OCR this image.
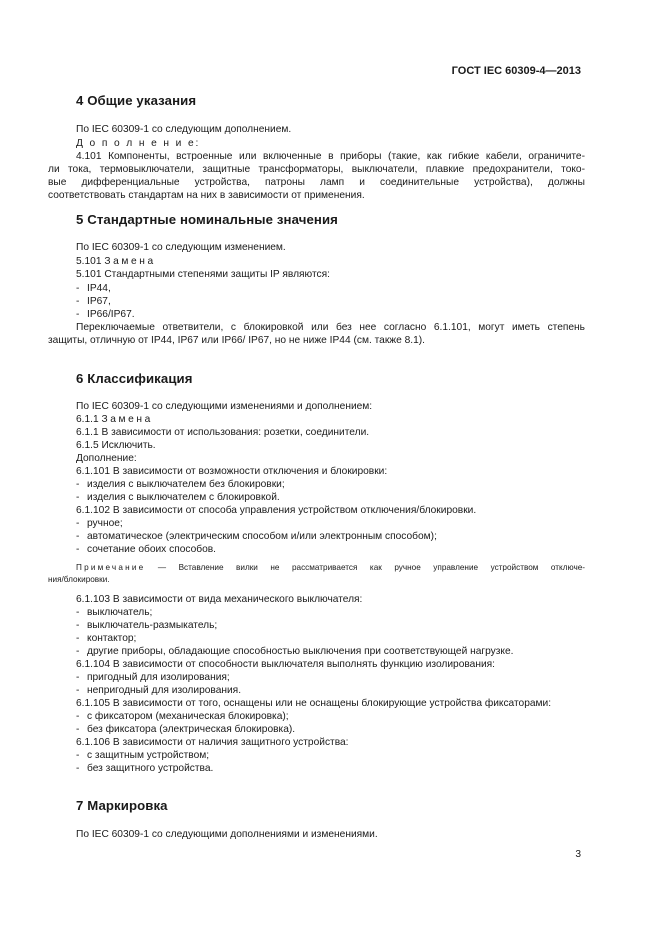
ГОСТ IEC 60309-4—2013
4 Общие указания
По IEC 60309-1 со следующим дополнением.
Д о п о л н е н и е:
4.101 Компоненты, встроенные или включенные в приборы (такие, как гибкие кабели, ограничите-
ли тока, термовыключатели, защитные трансформаторы, выключатели, плавкие предохранители, токо-
вые дифференциальные устройства, патроны ламп и соединительные устройства), должны
соответствовать стандартам на них в зависимости от применения.
5 Стандартные номинальные значения
По IEC 60309-1 со следующим изменением.
5.101 Замена
5.101 Стандартными степенями защиты IP являются:
- IP44,
- IP67,
- IP66/IP67.
Переключаемые ответвители, с блокировкой или без нее согласно 6.1.101, могут иметь степень
защиты, отличную от IP44, IP67 или IP66/ IP67, но не ниже IP44 (см. также 8.1).
6 Классификация
По IEC 60309-1 со следующими изменениями и дополнением:
6.1.1 Замена
6.1.1 В зависимости от использования: розетки, соединители.
6.1.5 Исключить.
Дополнение:
6.1.101 В зависимости от возможности отключения и блокировки:
- изделия с выключателем без блокировки;
- изделия с выключателем с блокировкой.
6.1.102 В зависимости от способа управления устройством отключения/блокировки.
- ручное;
- автоматическое (электрическим способом и/или электронным способом);
- сочетание обоих способов.
Примечание — Вставление вилки не рассматривается как ручное управление устройством отключе-
ния/блокировки.
6.1.103 В зависимости от вида механического выключателя:
- выключатель;
- выключатель-размыкатель;
- контактор;
- другие приборы, обладающие способностью выключения при соответствующей нагрузке.
6.1.104 В зависимости от способности выключателя выполнять функцию изолирования:
- пригодный для изолирования;
- непригодный для изолирования.
6.1.105 В зависимости от того, оснащены или не оснащены блокирующие устройства фиксаторами:
- с фиксатором (механическая блокировка);
- без фиксатора (электрическая блокировка).
6.1.106 В зависимости от наличия защитного устройства:
- с защитным устройством;
- без защитного устройства.
7 Маркировка
По IEC 60309-1 со следующими дополнениями и изменениями.
3
